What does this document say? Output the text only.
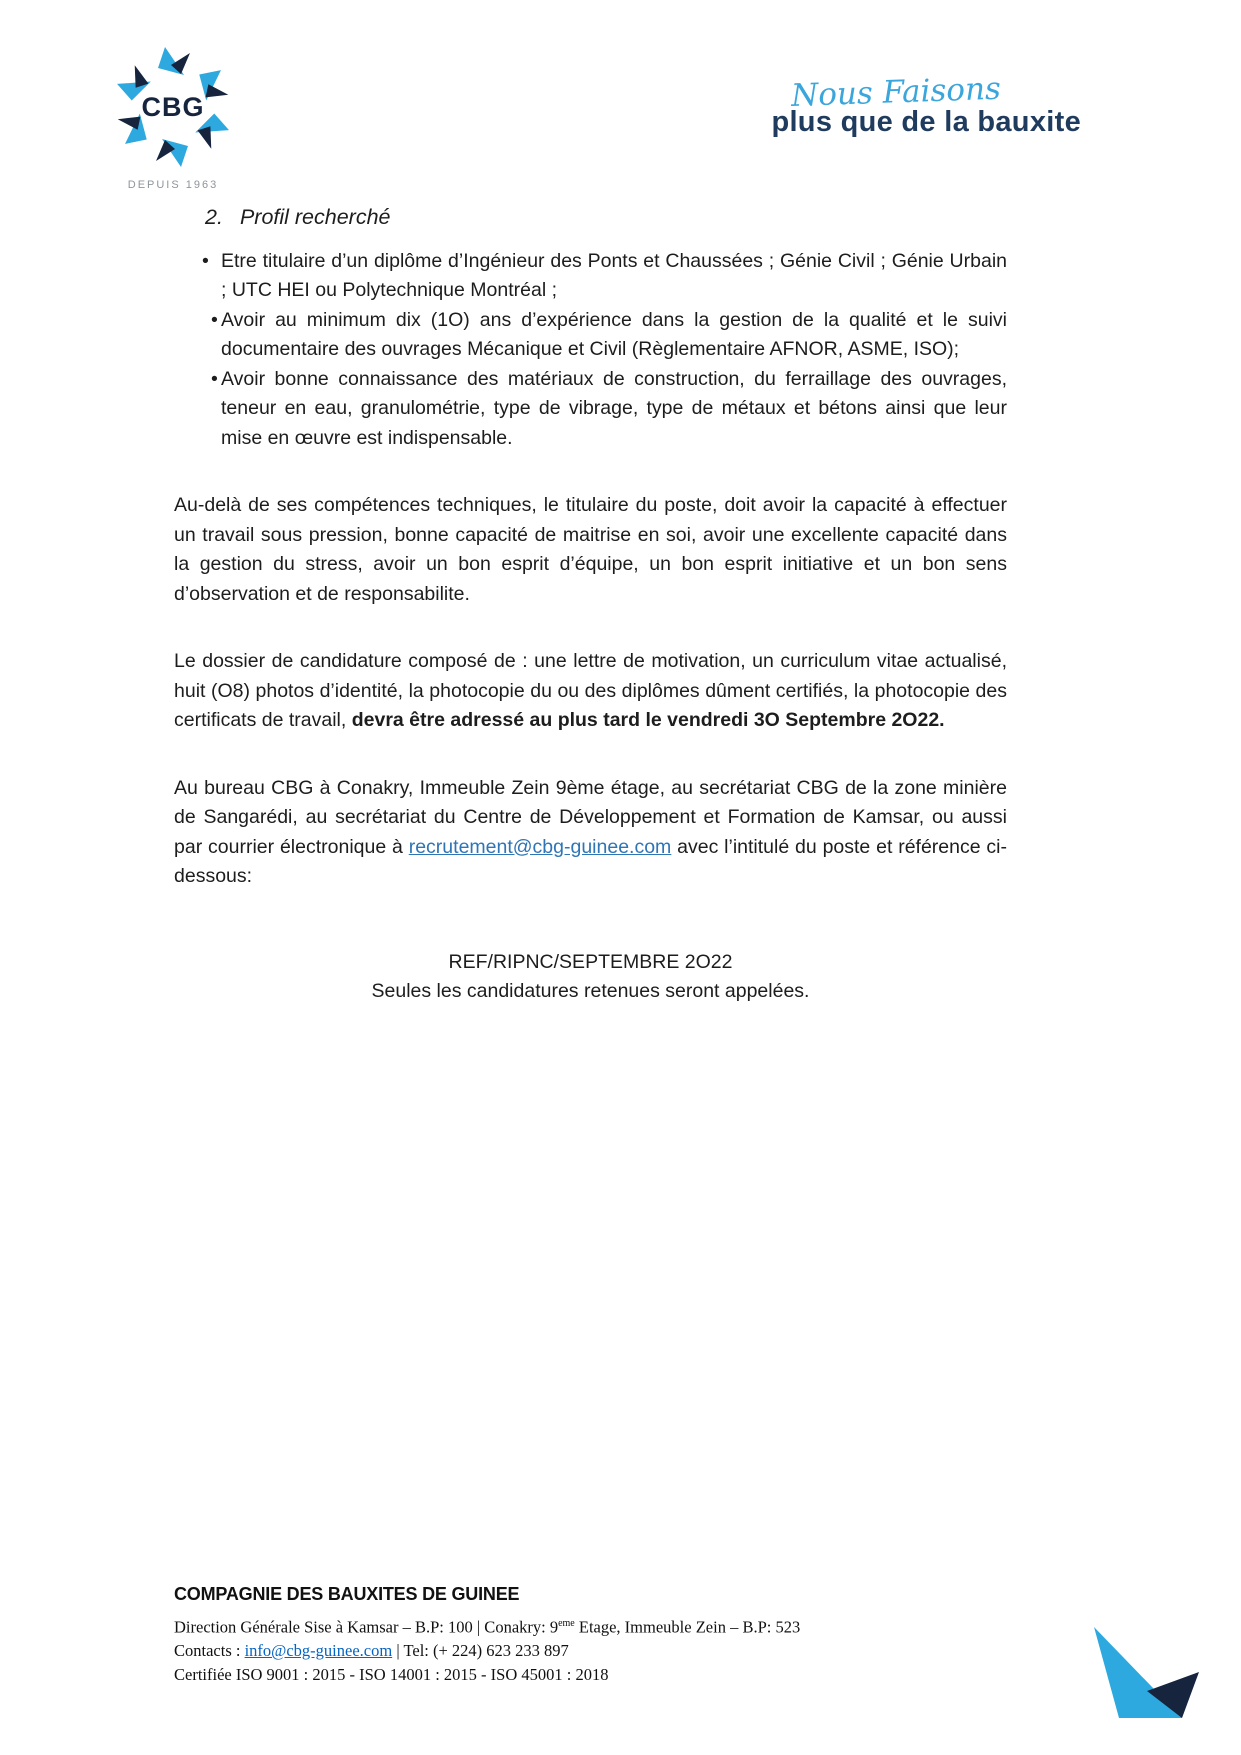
CBG
DEPUIS 1963
Nous Faisons
plus que de la bauxite
2. Profil recherché
• Etre titulaire d’un diplôme d’Ingénieur des Ponts et Chaussées ; Génie Civil ; Génie Urbain ; UTC HEI ou Polytechnique Montréal ;
• Avoir au minimum dix (1O) ans d’expérience dans la gestion de la qualité et le suivi documentaire des ouvrages Mécanique et Civil (Règlementaire AFNOR, ASME, ISO);
• Avoir bonne connaissance des matériaux de construction, du ferraillage des ouvrages, teneur en eau, granulométrie, type de vibrage, type de métaux et bétons ainsi que leur mise en œuvre est indispensable.

Au-delà de ses compétences techniques, le titulaire du poste, doit avoir la capacité à effectuer un travail sous pression, bonne capacité de maitrise en soi, avoir une excellente capacité dans la gestion du stress, avoir un bon esprit d’équipe, un bon esprit initiative et un bon sens d’observation et de responsabilite.

Le dossier de candidature composé de : une lettre de motivation, un curriculum vitae actualisé, huit (O8) photos d’identité, la photocopie du ou des diplômes dûment certifiés, la photocopie des certificats de travail, devra être adressé au plus tard le vendredi 3O Septembre 2O22.

Au bureau CBG à Conakry, Immeuble Zein 9ème étage, au secrétariat CBG de la zone minière de Sangarédi, au secrétariat du Centre de Développement et Formation de Kamsar, ou aussi par courrier électronique à recrutement@cbg-guinee.com avec l’intitulé du poste et référence ci-dessous:

REF/RIPNC/SEPTEMBRE 2O22
Seules les candidatures retenues seront appelées.
COMPAGNIE DES BAUXITES DE GUINEE
Direction Générale Sise à Kamsar – B.P: 100 | Conakry: 9eme Etage, Immeuble Zein – B.P: 523
Contacts : info@cbg-guinee.com | Tel: (+ 224) 623 233 897
Certifiée ISO 9001 : 2015 - ISO 14001 : 2015 - ISO 45001 : 2018
